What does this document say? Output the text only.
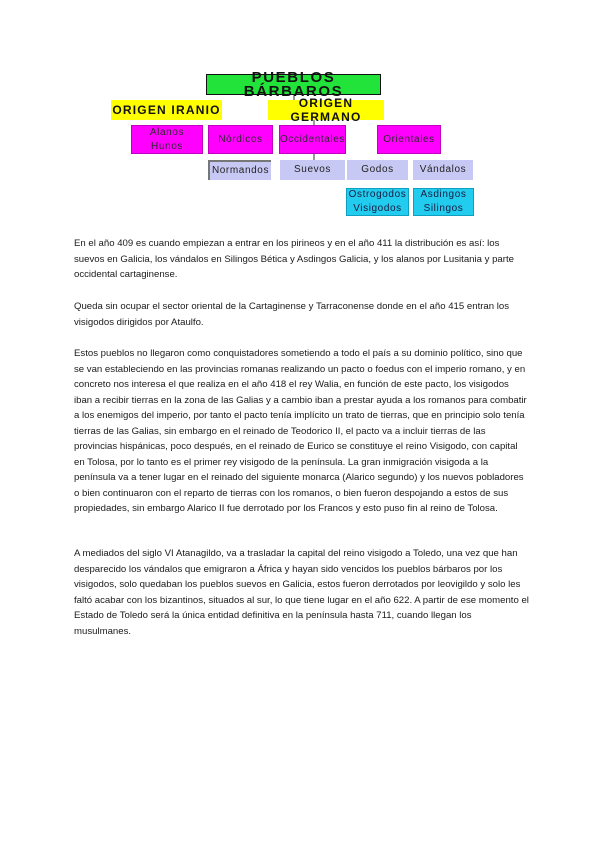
PUEBLOS BÁRBAROS
ORIGEN IRANIO	ORIGEN GERMANO
Alanos
Hunos
Nórdicos	Occidentales	Orientales
Normandos	Suevos	Godos	Vándalos
Ostrogodos
Visigodos
Asdingos
Silingos

En el año 409 es cuando empiezan a entrar en los pirineos y en el año 411 la distribución es así: los suevos en Galicia, los vándalos en Silingos Bética y Asdingos Galicia, y los alanos por Lusitania y parte occidental cartaginense.

Queda sin ocupar el sector oriental de la Cartaginense y Tarraconense donde en el año 415 entran los visigodos dirigidos por Ataulfo.

Estos pueblos no llegaron como conquistadores sometiendo a todo el país a su dominio político, sino que se van estableciendo en las provincias romanas realizando un pacto o foedus con el imperio romano, y en concreto nos interesa el que realiza en el año 418 el rey Walia, en función de este pacto, los visigodos iban a recibir tierras en la zona de las Galias y a cambio iban a prestar ayuda a los romanos para combatir a los enemigos del imperio, por tanto el pacto tenía implícito un trato de tierras, que en principio solo tenía tierras de las Galias, sin embargo en el reinado de Teodorico II, el pacto va a incluir tierras de las provincias hispánicas, poco después, en el reinado de Eurico se constituye el reino Visigodo, con capital en Tolosa, por lo tanto es el primer rey visigodo de la península. La gran inmigración visigoda a la península va a tener lugar en el reinado del siguiente monarca (Alarico segundo) y los nuevos pobladores o bien continuaron con el reparto de tierras con los romanos, o bien fueron despojando a estos de sus propiedades, sin embargo Alarico II fue derrotado por los Francos y esto puso fin al reino de Tolosa.

A mediados del siglo VI Atanagildo, va a trasladar la capital del reino visigodo a Toledo, una vez que han desparecido los vándalos que emigraron a África y hayan sido vencidos los pueblos bárbaros por los visigodos, solo quedaban los pueblos suevos en Galicia, estos fueron derrotados por leovigildo y solo les faltó acabar con los bizantinos, situados al sur, lo que tiene lugar en el año 622. A partir de ese momento el Estado de Toledo será la única entidad definitiva en la península hasta 711, cuando llegan los musulmanes.
